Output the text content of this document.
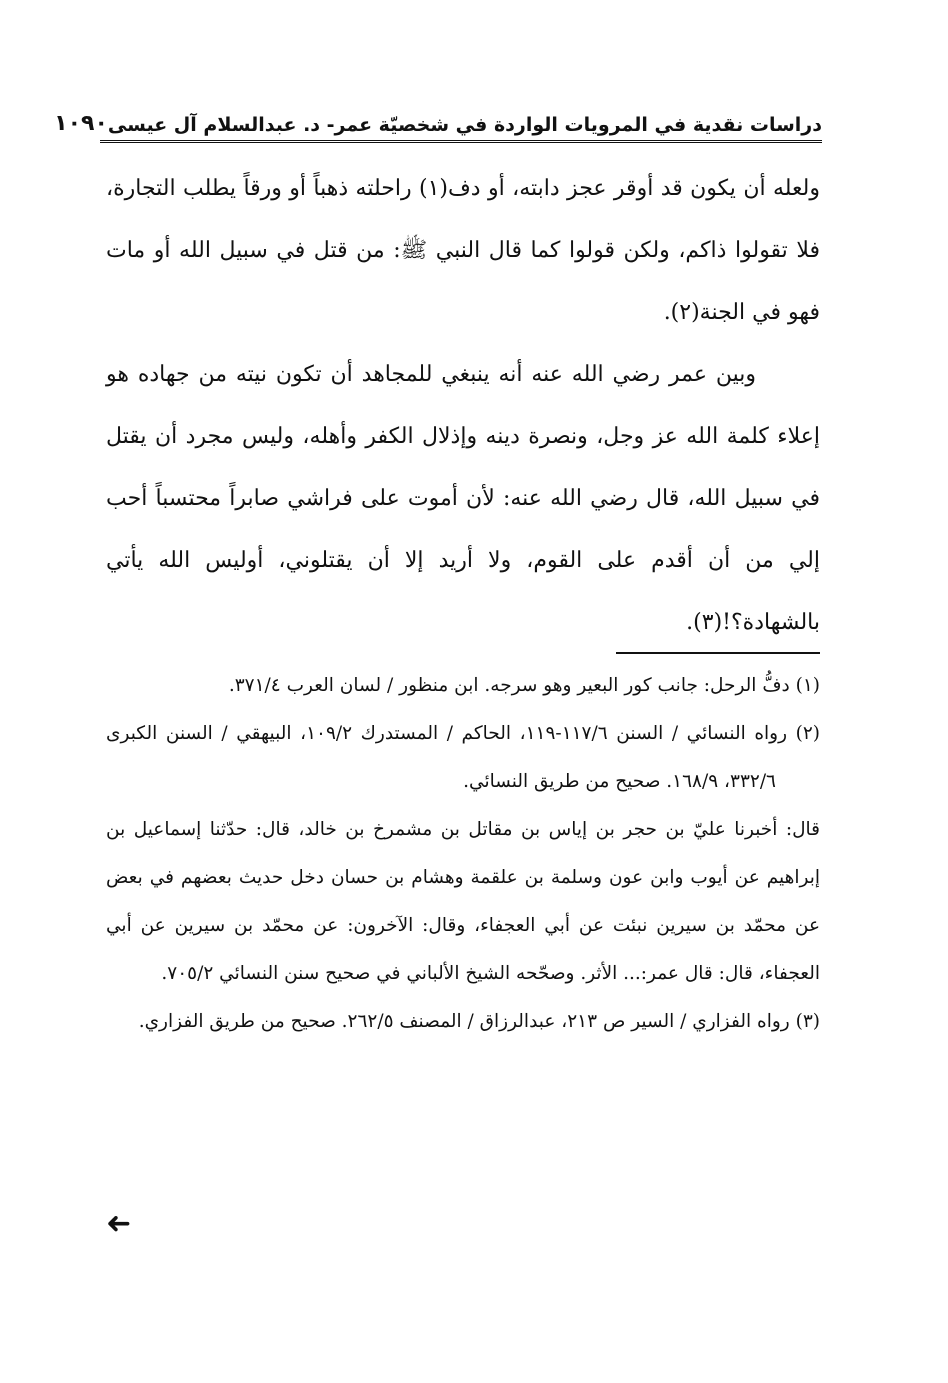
دراسات نقدية في المرويات الواردة في شخصيّة عمر- د. عبدالسلام آل عيسى
١٠٩٠

ولعله أن يكون قد أوقر عجز دابته، أو دف(١) راحلته ذهباً أو ورقاً يطلب التجارة، فلا تقولوا ذاكم، ولكن قولوا كما قال النبي ﷺ: من قتل في سبيل الله أو مات فهو في الجنة(٢).

وبين عمر رضي الله عنه أنه ينبغي للمجاهد أن تكون نيته من جهاده هو إعلاء كلمة الله عز وجل، ونصرة دينه وإذلال الكفر وأهله، وليس مجرد أن يقتل في سبيل الله، قال رضي الله عنه: لأن أموت على فراشي صابراً محتسباً أحب إلي من أن أقدم على القوم، ولا أريد إلا أن يقتلوني، أوليس الله يأتي بالشهادة؟!(٣).

(١) دفُّ الرحل: جانب كور البعير وهو سرجه. ابن منظور / لسان العرب ٣٧١/٤.

(٢) رواه النسائي / السنن ١١٧/٦-١١٩، الحاكم / المستدرك ١٠٩/٢، البيهقي / السنن الكبرى ٣٣٢/٦، ١٦٨/٩. صحيح من طريق النسائي.

قال: أخبرنا عليّ بن حجر بن إياس بن مقاتل بن مشمرخ بن خالد، قال: حدّثنا إسماعيل بن إبراهيم عن أيوب وابن عون وسلمة بن علقمة وهشام بن حسان دخل حديث بعضهم في بعض عن محمّد بن سيرين نبئت عن أبي العجفاء، وقال: الآخرون: عن محمّد بن سيرين عن أبي العجفاء، قال: قال عمر:... الأثر. وصحّحه الشيخ الألباني في صحيح سنن النسائي ٧٠٥/٢.

(٣) رواه الفزاري / السير ص ٢١٣، عبدالرزاق / المصنف ٢٦٢/٥. صحيح من طريق الفزاري.

➜
